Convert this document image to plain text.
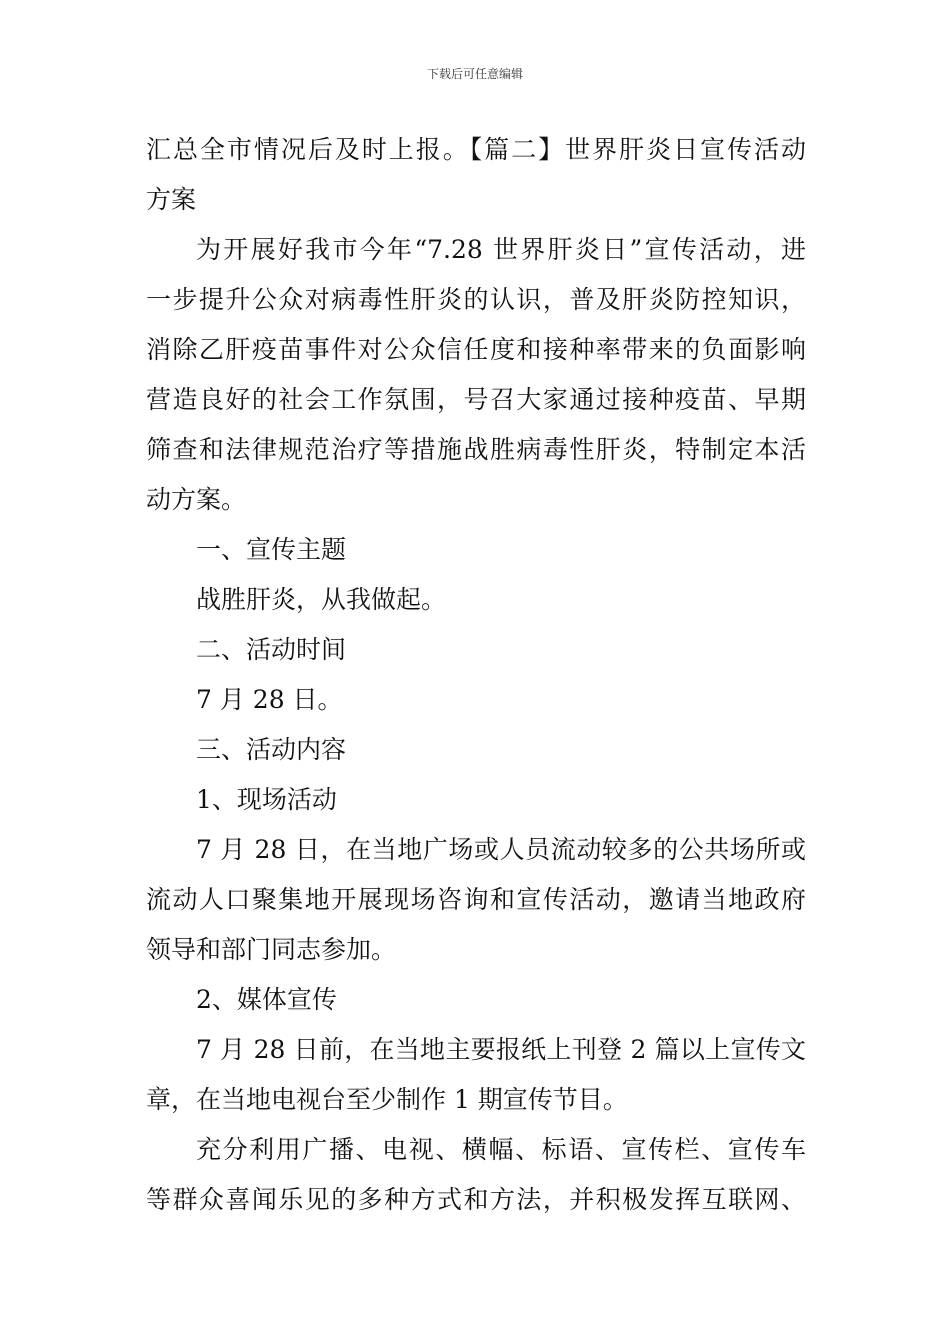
下载后可任意编辑
汇总全市情况后及时上报。【篇二】世界肝炎日宣传活动
方案
为开展好我市今年“7.28 世界肝炎日”宣传活动，进
一步提升公众对病毒性肝炎的认识，普及肝炎防控知识，
消除乙肝疫苗事件对公众信任度和接种率带来的负面影响
营造良好的社会工作氛围，号召大家通过接种疫苗、早期
筛查和法律规范治疗等措施战胜病毒性肝炎，特制定本活
动方案。
一、宣传主题
战胜肝炎，从我做起。
二、活动时间
7 月 28 日。
三、活动内容
1、现场活动
7 月 28 日，在当地广场或人员流动较多的公共场所或
流动人口聚集地开展现场咨询和宣传活动，邀请当地政府
领导和部门同志参加。
2、媒体宣传
7 月 28 日前，在当地主要报纸上刊登 2 篇以上宣传文
章，在当地电视台至少制作 1 期宣传节目。
充分利用广播、电视、横幅、标语、宣传栏、宣传车
等群众喜闻乐见的多种方式和方法，并积极发挥互联网、
